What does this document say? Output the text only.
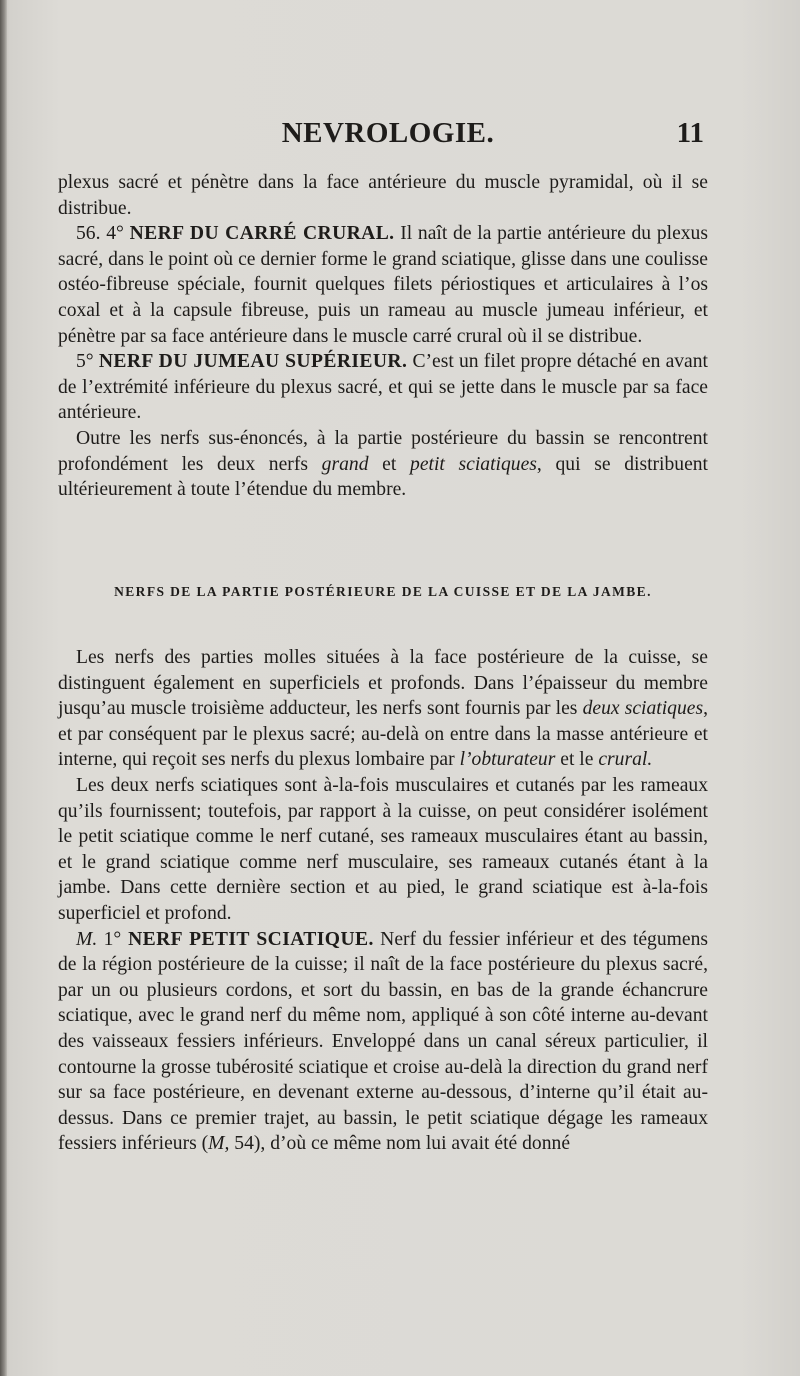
NEVROLOGIE.	11

plexus sacré et pénètre dans la face antérieure du muscle pyramidal, où il se distribue.

56. 4° NERF DU CARRÉ CRURAL. Il naît de la partie antérieure du plexus sacré, dans le point où ce dernier forme le grand sciatique, glisse dans une coulisse ostéo-fibreuse spéciale, fournit quelques filets périostiques et articulaires à l’os coxal et à la capsule fibreuse, puis un rameau au muscle jumeau inférieur, et pénètre par sa face antérieure dans le muscle carré crural où il se distribue.

5° NERF DU JUMEAU SUPÉRIEUR. C’est un filet propre détaché en avant de l’extrémité inférieure du plexus sacré, et qui se jette dans le muscle par sa face antérieure.

Outre les nerfs sus-énoncés, à la partie postérieure du bassin se rencontrent profondément les deux nerfs grand et petit sciatiques, qui se distribuent ultérieurement à toute l’étendue du membre.

NERFS DE LA PARTIE POSTÉRIEURE DE LA CUISSE ET DE LA JAMBE.

Les nerfs des parties molles situées à la face postérieure de la cuisse, se distinguent également en superficiels et profonds. Dans l’épaisseur du membre jusqu’au muscle troisième adducteur, les nerfs sont fournis par les deux sciatiques, et par conséquent par le plexus sacré; au-delà on entre dans la masse antérieure et interne, qui reçoit ses nerfs du plexus lombaire par l’obturateur et le crural.

Les deux nerfs sciatiques sont à-la-fois musculaires et cutanés par les rameaux qu’ils fournissent; toutefois, par rapport à la cuisse, on peut considérer isolément le petit sciatique comme le nerf cutané, ses rameaux musculaires étant au bassin, et le grand sciatique comme nerf musculaire, ses rameaux cutanés étant à la jambe. Dans cette dernière section et au pied, le grand sciatique est à-la-fois superficiel et profond.

M. 1° NERF PETIT SCIATIQUE. Nerf du fessier inférieur et des tégumens de la région postérieure de la cuisse; il naît de la face postérieure du plexus sacré, par un ou plusieurs cordons, et sort du bassin, en bas de la grande échancrure sciatique, avec le grand nerf du même nom, appliqué à son côté interne au-devant des vaisseaux fessiers inférieurs. Enveloppé dans un canal séreux particulier, il contourne la grosse tubérosité sciatique et croise au-delà la direction du grand nerf sur sa face postérieure, en devenant externe au-dessous, d’interne qu’il était au-dessus. Dans ce premier trajet, au bassin, le petit sciatique dégage les rameaux fessiers inférieurs (M, 54), d’où ce même nom lui avait été donné
